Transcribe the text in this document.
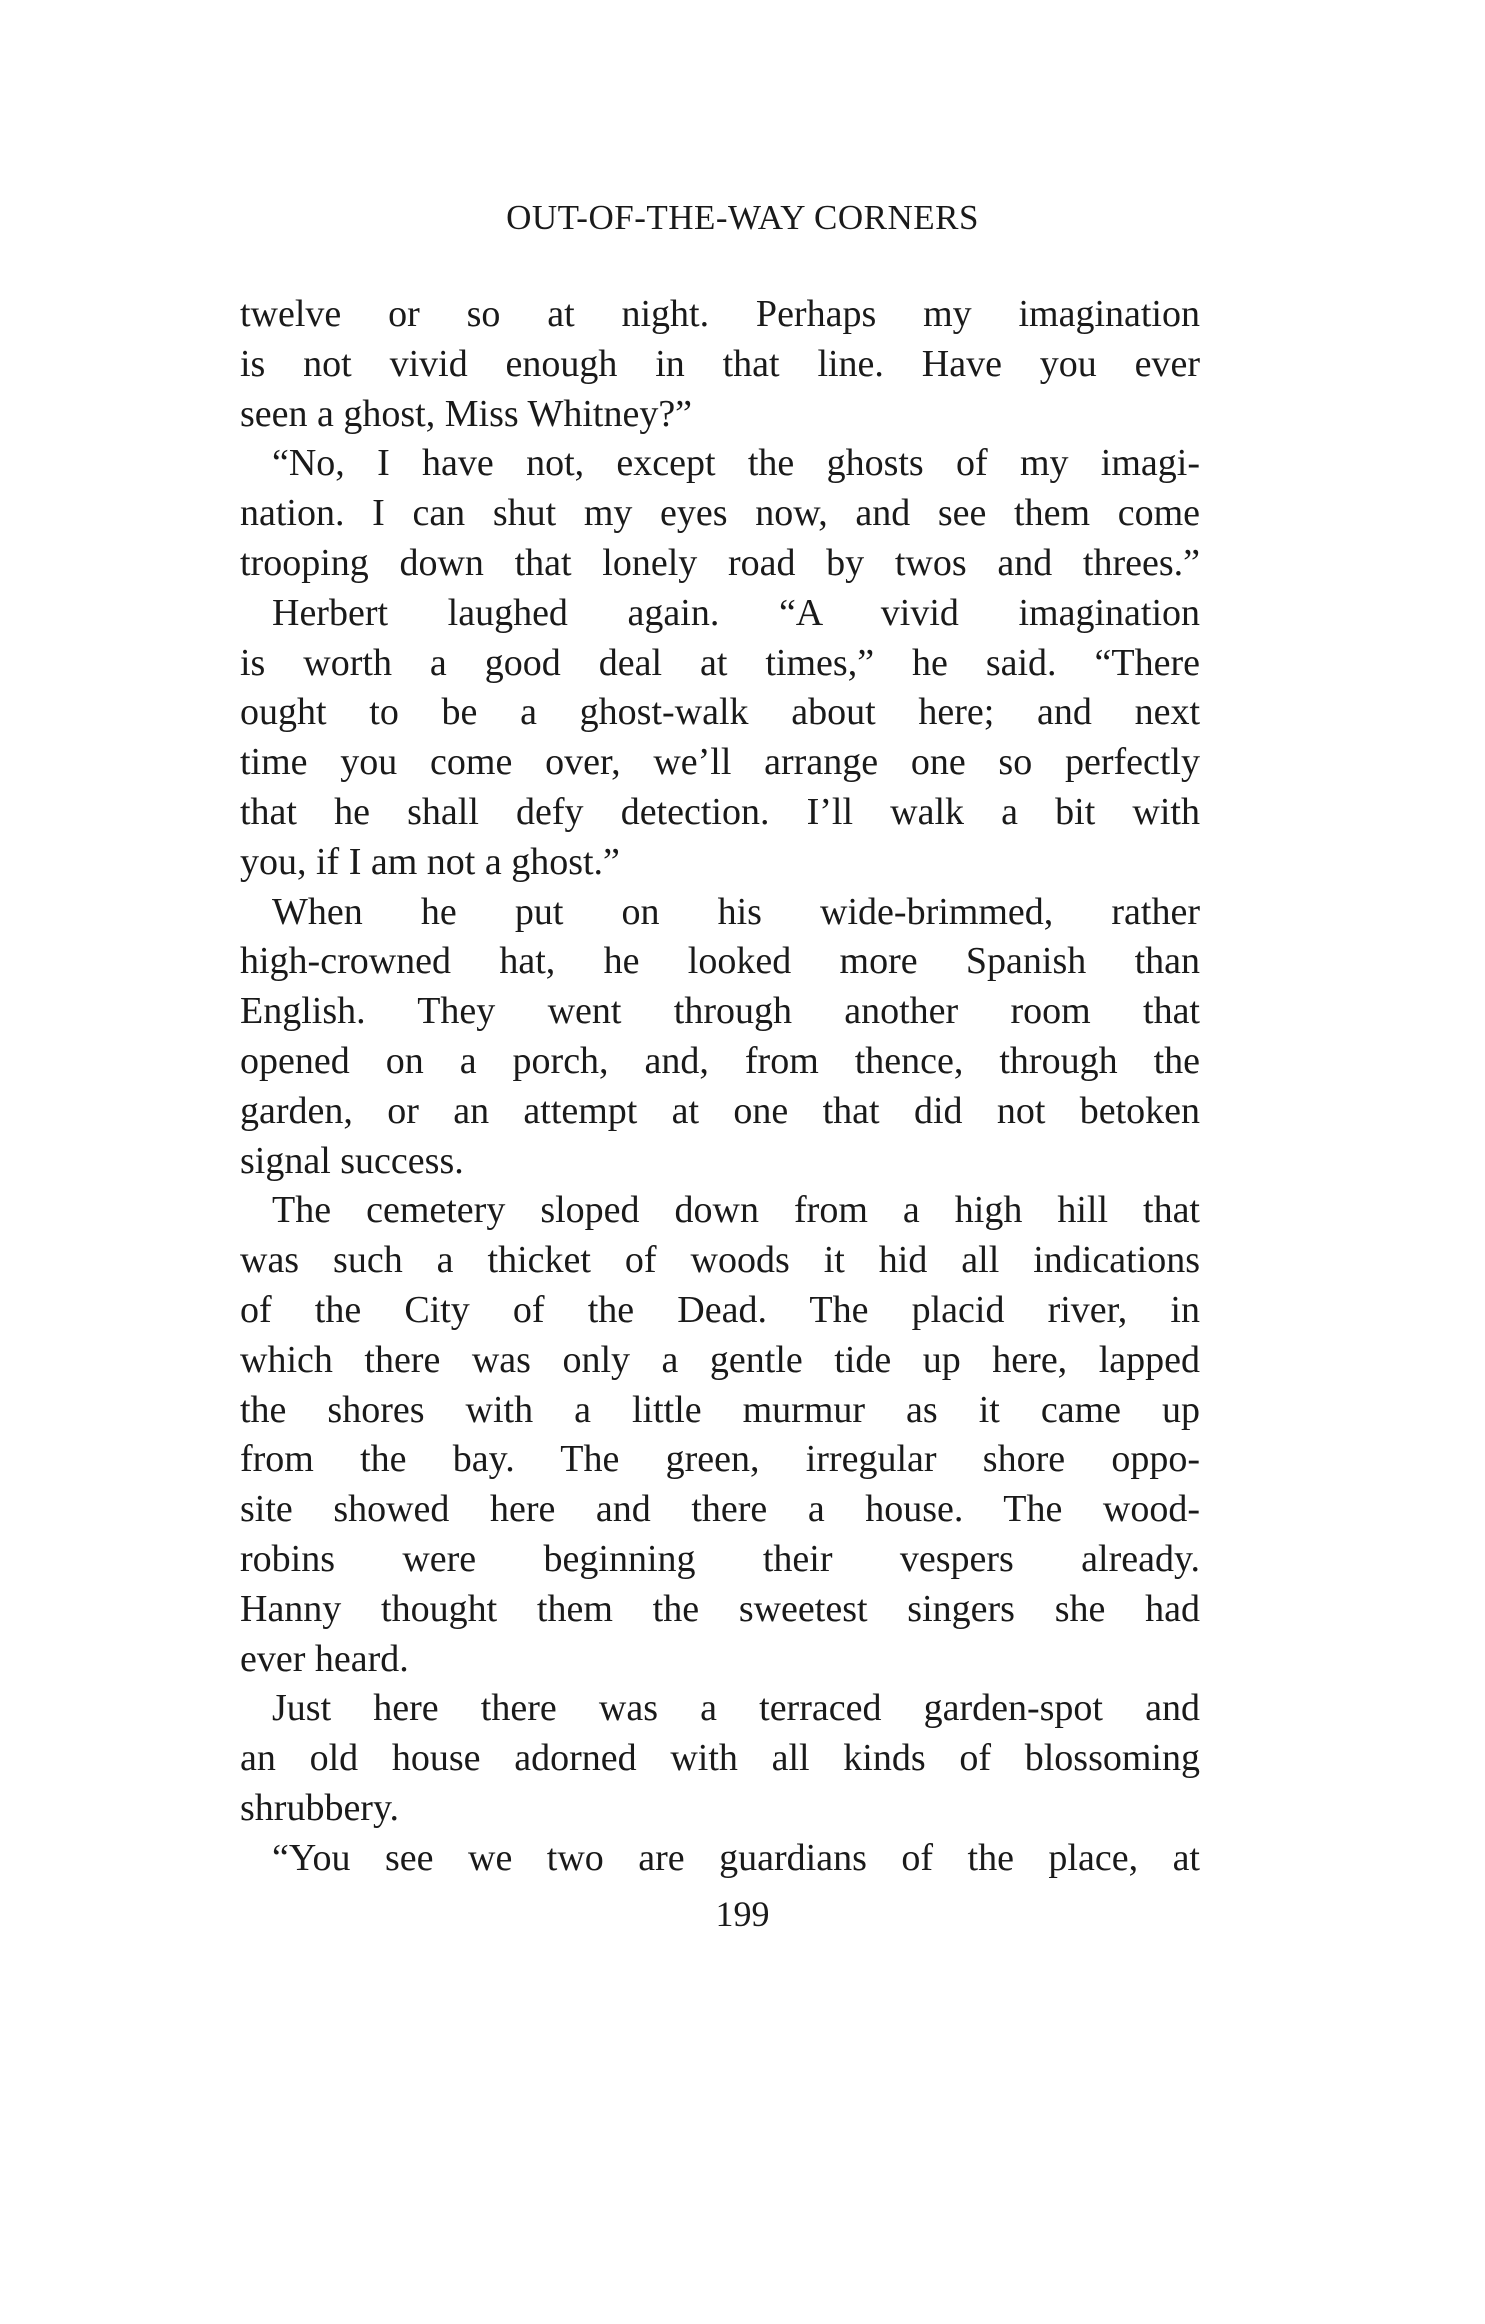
OUT-OF-THE-WAY CORNERS
twelve or so at night. Perhaps my imagination
is not vivid enough in that line. Have you ever
seen a ghost, Miss Whitney?”
“No, I have not, except the ghosts of my imagi-
nation. I can shut my eyes now, and see them come
trooping down that lonely road by twos and threes.”
Herbert laughed again. “A vivid imagination
is worth a good deal at times,” he said. “There
ought to be a ghost-walk about here; and next
time you come over, we’ll arrange one so perfectly
that he shall defy detection. I’ll walk a bit with
you, if I am not a ghost.”
When he put on his wide-brimmed, rather
high-crowned hat, he looked more Spanish than
English. They went through another room that
opened on a porch, and, from thence, through the
garden, or an attempt at one that did not betoken
signal success.
The cemetery sloped down from a high hill that
was such a thicket of woods it hid all indications
of the City of the Dead. The placid river, in
which there was only a gentle tide up here, lapped
the shores with a little murmur as it came up
from the bay. The green, irregular shore oppo-
site showed here and there a house. The wood-
robins were beginning their vespers already.
Hanny thought them the sweetest singers she had
ever heard.
Just here there was a terraced garden-spot and
an old house adorned with all kinds of blossoming
shrubbery.
“You see we two are guardians of the place, at
199
